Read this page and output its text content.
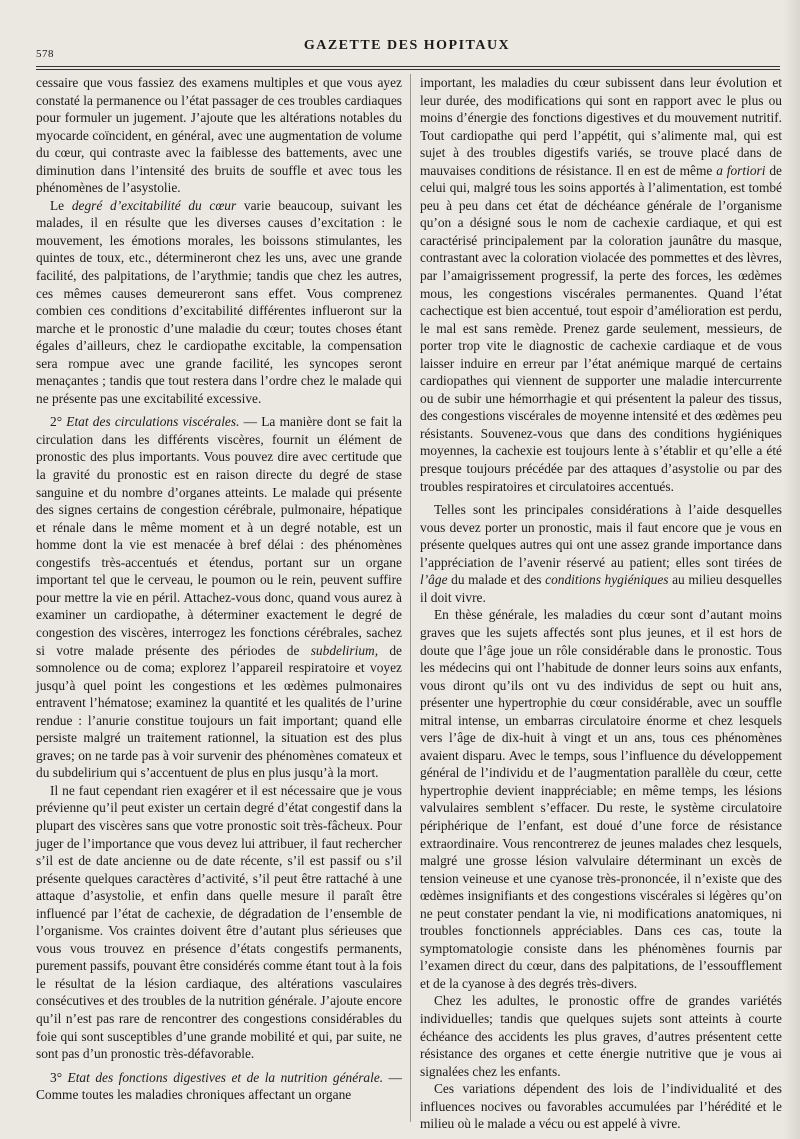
578
GAZETTE DES HOPITAUX

cessaire que vous fassiez des examens multiples et que vous ayez constaté la permanence ou l’état passager de ces troubles cardiaques pour formuler un jugement. J’ajoute que les altérations notables du myocarde coïncident, en général, avec une augmentation de volume du cœur, qui contraste avec la faiblesse des battements, avec une diminution dans l’intensité des bruits de souffle et avec tous les phénomènes de l’asystolie.

Le degré d’excitabilité du cœur varie beaucoup, suivant les malades, il en résulte que les diverses causes d’excitation : le mouvement, les émotions morales, les boissons stimulantes, les quintes de toux, etc., détermineront chez les uns, avec une grande facilité, des palpitations, de l’arythmie; tandis que chez les autres, ces mêmes causes demeureront sans effet. Vous comprenez combien ces conditions d’excitabilité différentes influeront sur la marche et le pronostic d’une maladie du cœur; toutes choses étant égales d’ailleurs, chez le cardiopathe excitable, la compensation sera rompue avec une grande facilité, les syncopes seront menaçantes ; tandis que tout restera dans l’ordre chez le malade qui ne présente pas une excitabilité excessive.

2° Etat des circulations viscérales. — La manière dont se fait la circulation dans les différents viscères, fournit un élément de pronostic des plus importants. Vous pouvez dire avec certitude que la gravité du pronostic est en raison directe du degré de stase sanguine et du nombre d’organes atteints. Le malade qui présente des signes certains de congestion cérébrale, pulmonaire, hépatique et rénale dans le même moment et à un degré notable, est un homme dont la vie est menacée à bref délai : des phénomènes congestifs très-accentués et étendus, portant sur un organe important tel que le cerveau, le poumon ou le rein, peuvent suffire pour mettre la vie en péril. Attachez-vous donc, quand vous aurez à examiner un cardiopathe, à déterminer exactement le degré de congestion des viscères, interrogez les fonctions cérébrales, sachez si votre malade présente des périodes de subdelirium, de somnolence ou de coma; explorez l’appareil respiratoire et voyez jusqu’à quel point les congestions et les œdèmes pulmonaires entravent l’hématose; examinez la quantité et les qualités de l’urine rendue : l’anurie constitue toujours un fait important; quand elle persiste malgré un traitement rationnel, la situation est des plus graves; on ne tarde pas à voir survenir des phénomènes comateux et du subdelirium qui s’accentuent de plus en plus jusqu’à la mort.

Il ne faut cependant rien exagérer et il est nécessaire que je vous prévienne qu’il peut exister un certain degré d’état congestif dans la plupart des viscères sans que votre pronostic soit très-fâcheux. Pour juger de l’importance que vous devez lui attribuer, il faut rechercher s’il est de date ancienne ou de date récente, s’il est passif ou s’il présente quelques caractères d’activité, s’il peut être rattaché à une attaque d’asystolie, et enfin dans quelle mesure il paraît être influencé par l’état de cachexie, de dégradation de l’ensemble de l’organisme. Vos craintes doivent être d’autant plus sérieuses que vous vous trouvez en présence d’états congestifs permanents, purement passifs, pouvant être considérés comme étant tout à la fois le résultat de la lésion cardiaque, des altérations vasculaires consécutives et des troubles de la nutrition générale. J’ajoute encore qu’il n’est pas rare de rencontrer des congestions considérables du foie qui sont susceptibles d’une grande mobilité et qui, par suite, ne sont pas d’un pronostic très-défavorable.

3° Etat des fonctions digestives et de la nutrition générale. — Comme toutes les maladies chroniques affectant un organe

important, les maladies du cœur subissent dans leur évolution et leur durée, des modifications qui sont en rapport avec le plus ou moins d’énergie des fonctions digestives et du mouvement nutritif. Tout cardiopathe qui perd l’appétit, qui s’alimente mal, qui est sujet à des troubles digestifs variés, se trouve placé dans de mauvaises conditions de résistance. Il en est de même a fortiori de celui qui, malgré tous les soins apportés à l’alimentation, est tombé peu à peu dans cet état de déchéance générale de l’organisme qu’on a désigné sous le nom de cachexie cardiaque, et qui est caractérisé principalement par la coloration jaunâtre du masque, contrastant avec la coloration violacée des pommettes et des lèvres, par l’amaigrissement progressif, la perte des forces, les œdèmes mous, les congestions viscérales permanentes. Quand l’état cachectique est bien accentué, tout espoir d’amélioration est perdu, le mal est sans remède. Prenez garde seulement, messieurs, de porter trop vite le diagnostic de cachexie cardiaque et de vous laisser induire en erreur par l’état anémique marqué de certains cardiopathes qui viennent de supporter une maladie intercurrente ou de subir une hémorrhagie et qui présentent la paleur des tissus, des congestions viscérales de moyenne intensité et des œdèmes peu résistants. Souvenez-vous que dans des conditions hygiéniques moyennes, la cachexie est toujours lente à s’établir et qu’elle a été presque toujours précédée par des attaques d’asystolie ou par des troubles respiratoires et circulatoires accentués.

Telles sont les principales considérations à l’aide desquelles vous devez porter un pronostic, mais il faut encore que je vous en présente quelques autres qui ont une assez grande importance dans l’appréciation de l’avenir réservé au patient; elles sont tirées de l’âge du malade et des conditions hygiéniques au milieu desquelles il doit vivre.

En thèse générale, les maladies du cœur sont d’autant moins graves que les sujets affectés sont plus jeunes, et il est hors de doute que l’âge joue un rôle considérable dans le pronostic. Tous les médecins qui ont l’habitude de donner leurs soins aux enfants, vous diront qu’ils ont vu des individus de sept ou huit ans, présenter une hypertrophie du cœur considérable, avec un souffle mitral intense, un embarras circulatoire énorme et chez lesquels vers l’âge de dix-huit à vingt et un ans, tous ces phénomènes avaient disparu. Avec le temps, sous l’influence du développement général de l’individu et de l’augmentation parallèle du cœur, cette hypertrophie devient inappréciable; en même temps, les lésions valvulaires semblent s’effacer. Du reste, le système circulatoire périphérique de l’enfant, est doué d’une force de résistance extraordinaire. Vous rencontrerez de jeunes malades chez lesquels, malgré une grosse lésion valvulaire déterminant un excès de tension veineuse et une cyanose très-prononcée, il n’existe que des œdèmes insignifiants et des congestions viscérales si légères qu’on ne peut constater pendant la vie, ni modifications anatomiques, ni troubles fonctionnels appréciables. Dans ces cas, toute la symptomatologie consiste dans les phénomènes fournis par l’examen direct du cœur, dans des palpitations, de l’essoufflement et de la cyanose à des degrés très-divers.

Chez les adultes, le pronostic offre de grandes variétés individuelles; tandis que quelques sujets sont atteints à courte échéance des accidents les plus graves, d’autres présentent cette résistance des organes et cette énergie nutritive que je vous ai signalées chez les enfants.

Ces variations dépendent des lois de l’individualité et des influences nocives ou favorables accumulées par l’hérédité et le milieu où le malade a vécu ou est appelé à vivre.
